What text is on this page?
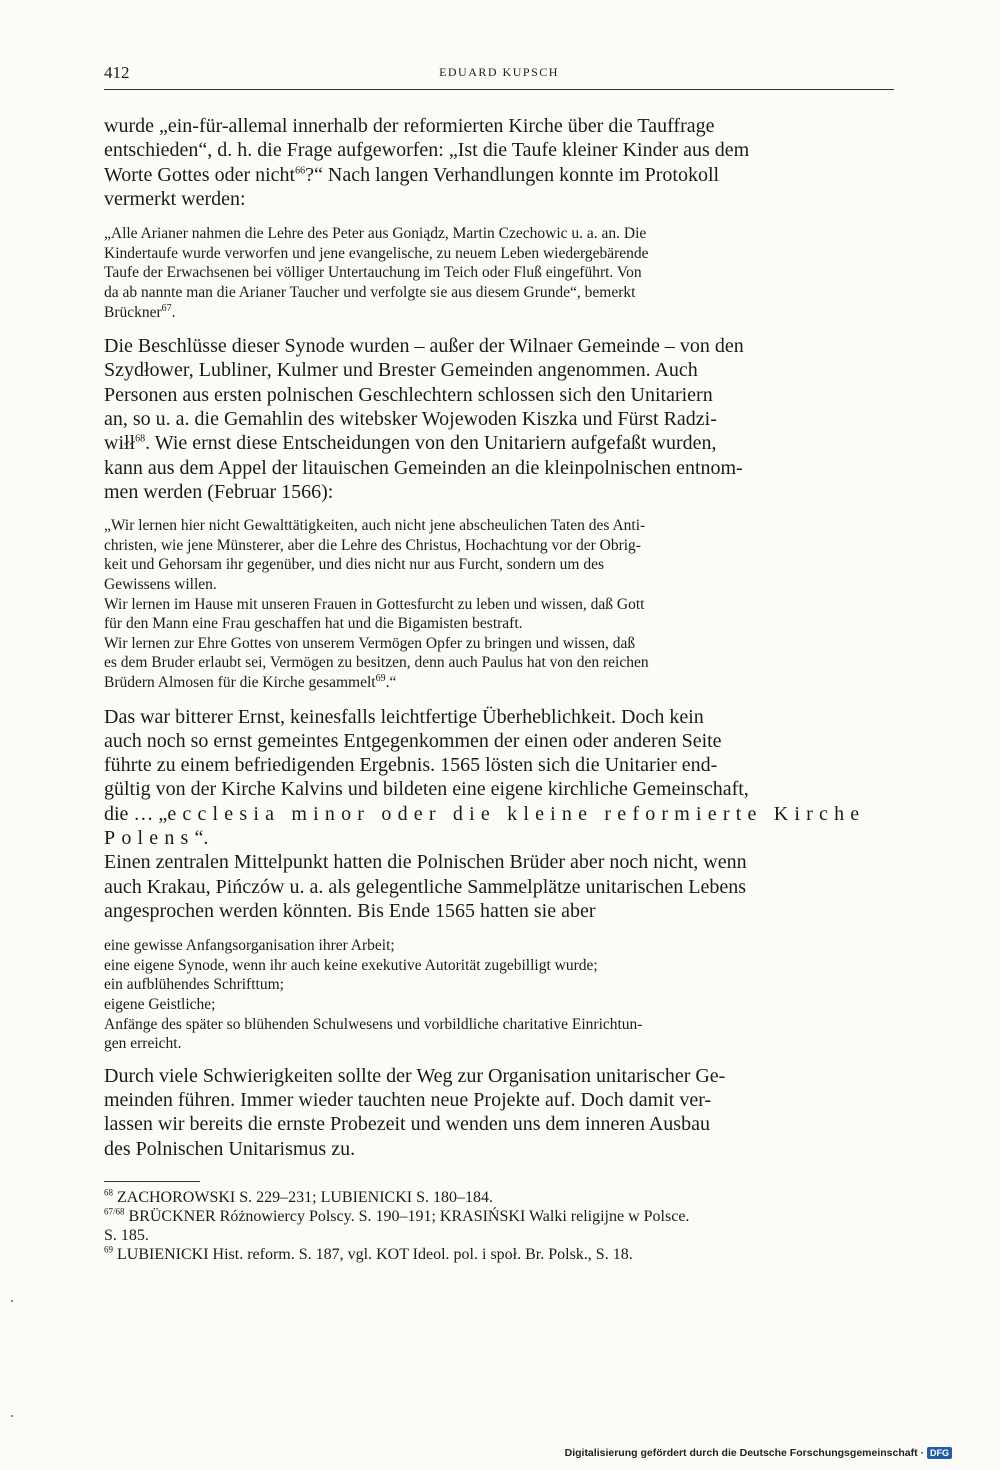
412	EDUARD KUPSCH

wurde „ein-für-allemal innerhalb der reformierten Kirche über die Tauffrage
entschieden“, d. h. die Frage aufgeworfen: „Ist die Taufe kleiner Kinder aus dem
Worte Gottes oder nicht$^{66}$?“ Nach langen Verhandlungen konnte im Protokoll
vermerkt werden:

„Alle Arianer nahmen die Lehre des Peter aus Goniądz, Martin Czechowic u. a. an. Die
Kindertaufe wurde verworfen und jene evangelische, zu neuem Leben wiedergebärende
Taufe der Erwachsenen bei völliger Untertauchung im Teich oder Fluß eingeführt. Von
da ab nannte man die Arianer Taucher und verfolgte sie aus diesem Grunde“, bemerkt
Brückner$^{67}$.

Die Beschlüsse dieser Synode wurden – außer der Wilnaer Gemeinde – von den
Szydłower, Lubliner, Kulmer und Brester Gemeinden angenommen. Auch
Personen aus ersten polnischen Geschlechtern schlossen sich den Unitariern
an, so u. a. die Gemahlin des witebsker Wojewoden Kiszka und Fürst Radzi-
wiłł$^{68}$. Wie ernst diese Entscheidungen von den Unitariern aufgefaßt wurden,
kann aus dem Appel der litauischen Gemeinden an die kleinpolnischen entnom-
men werden (Februar 1566):

„Wir lernen hier nicht Gewalttätigkeiten, auch nicht jene abscheulichen Taten des Anti-
christen, wie jene Münsterer, aber die Lehre des Christus, Hochachtung vor der Obrig-
keit und Gehorsam ihr gegenüber, und dies nicht nur aus Furcht, sondern um des
Gewissens willen.
Wir lernen im Hause mit unseren Frauen in Gottesfurcht zu leben und wissen, daß Gott
für den Mann eine Frau geschaffen hat und die Bigamisten bestraft.
Wir lernen zur Ehre Gottes von unserem Vermögen Opfer zu bringen und wissen, daß
es dem Bruder erlaubt sei, Vermögen zu besitzen, denn auch Paulus hat von den reichen
Brüdern Almosen für die Kirche gesammelt$^{69}$.“

Das war bitterer Ernst, keinesfalls leichtfertige Überheblichkeit. Doch kein
auch noch so ernst gemeintes Entgegenkommen der einen oder anderen Seite
führte zu einem befriedigenden Ergebnis. 1565 lösten sich die Unitarier end-
gültig von der Kirche Kalvins und bildeten eine eigene kirchliche Gemeinschaft,
die … „ecclesia minor oder die kleine reformierte Kirche
Polens“.
Einen zentralen Mittelpunkt hatten die Polnischen Brüder aber noch nicht, wenn
auch Krakau, Pińczów u. a. als gelegentliche Sammelplätze unitarischen Lebens
angesprochen werden könnten. Bis Ende 1565 hatten sie aber

eine gewisse Anfangsorganisation ihrer Arbeit;
eine eigene Synode, wenn ihr auch keine exekutive Autorität zugebilligt wurde;
ein aufblühendes Schrifttum;
eigene Geistliche;
Anfänge des später so blühenden Schulwesens und vorbildliche charitative Einrichtun-
gen erreicht.

Durch viele Schwierigkeiten sollte der Weg zur Organisation unitarischer Ge-
meinden führen. Immer wieder tauchten neue Projekte auf. Doch damit ver-
lassen wir bereits die ernste Probezeit und wenden uns dem inneren Ausbau
des Polnischen Unitarismus zu.

$^{68}$ ZACHOROWSKI S. 229–231; LUBIENICKI S. 180–184.
$^{67/68}$ BRÜCKNER Różnowiercy Polscy. S. 190–191; KRASIŃSKI Walki religijne w Polsce.
S. 185.
$^{69}$ LUBIENICKI Hist. reform. S. 187, vgl. KOT Ideol. pol. i społ. Br. Polsk., S. 18.
Digitalisierung gefördert durch die Deutsche Forschungsgemeinschaft · DFG
